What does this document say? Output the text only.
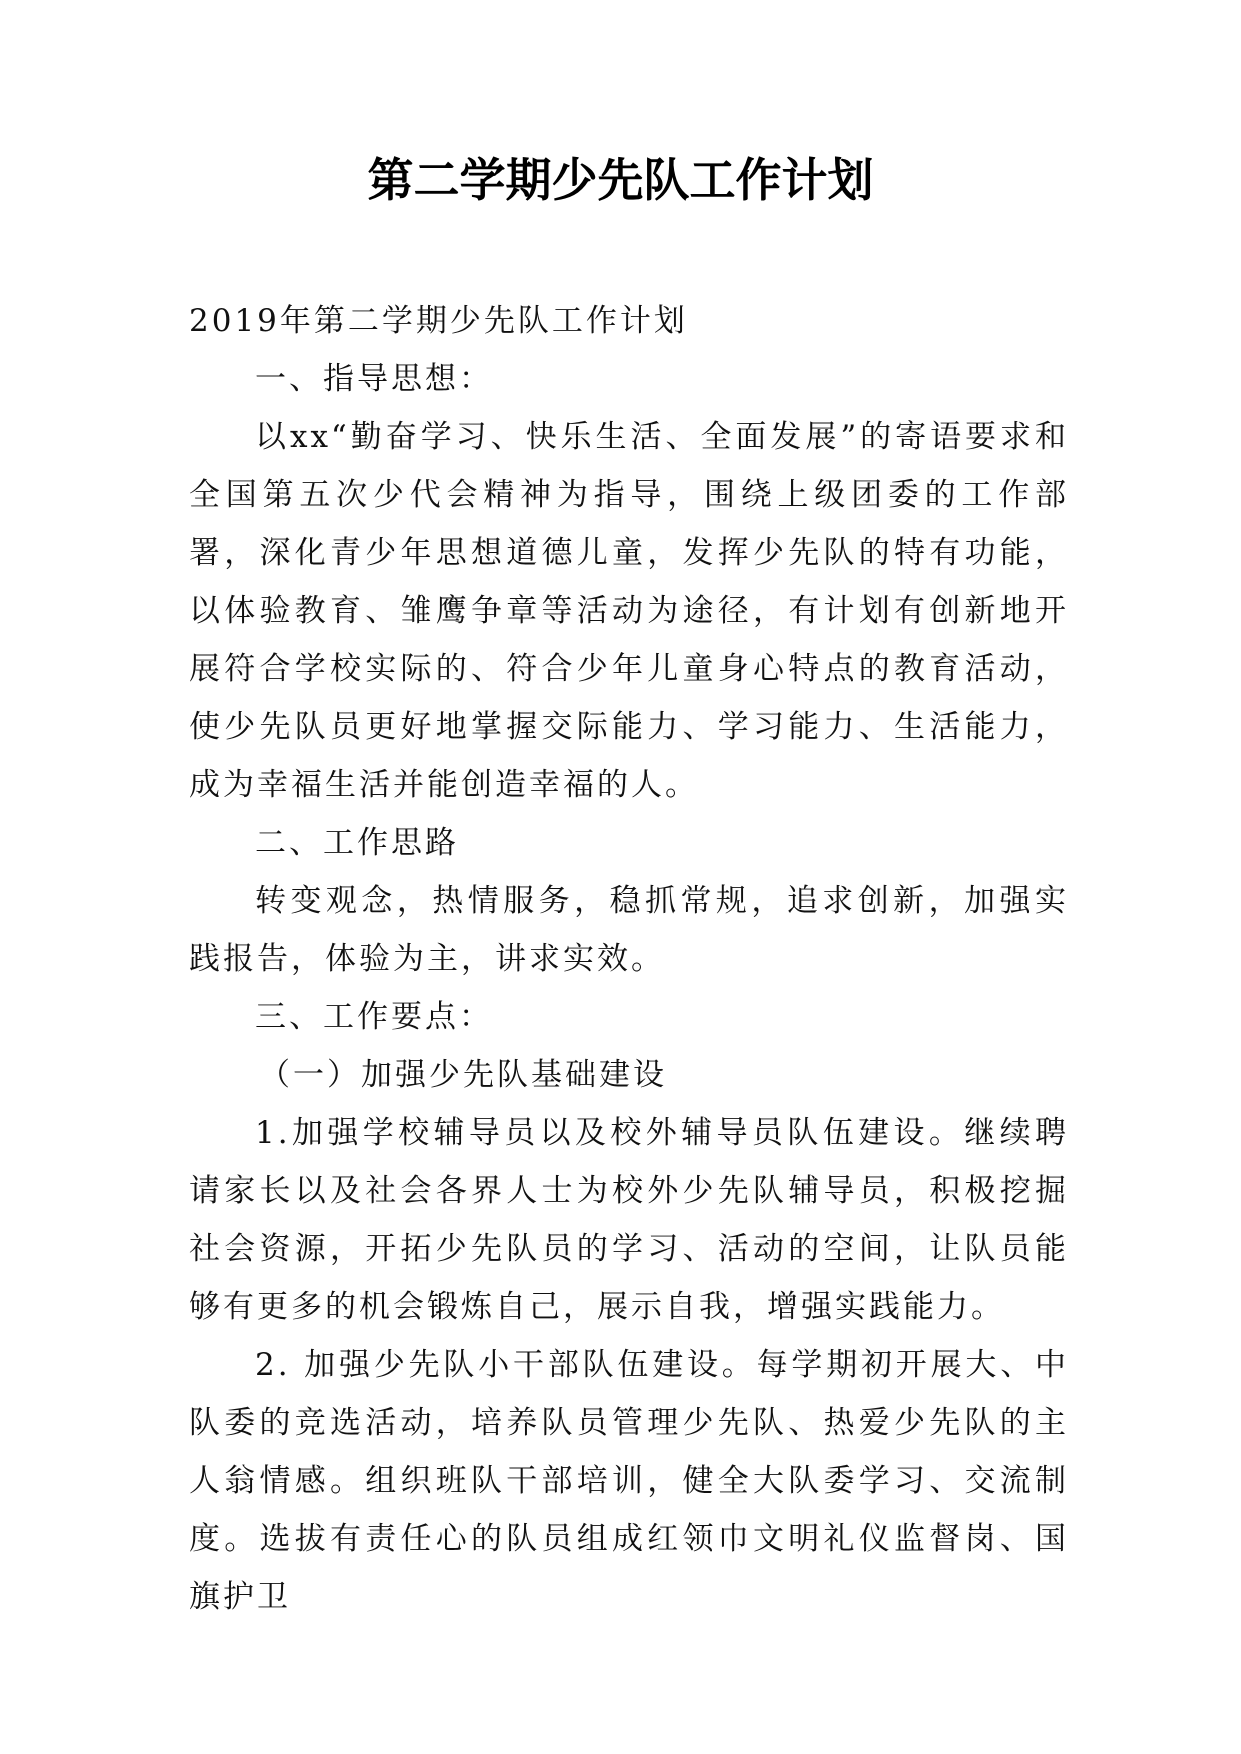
第二学期少先队工作计划

2019年第二学期少先队工作计划

一、指导思想：

以xx“勤奋学习、快乐生活、全面发展”的寄语要求和全国第五次少代会精神为指导，围绕上级团委的工作部署，深化青少年思想道德儿童，发挥少先队的特有功能，以体验教育、雏鹰争章等活动为途径，有计划有创新地开展符合学校实际的、符合少年儿童身心特点的教育活动，使少先队员更好地掌握交际能力、学习能力、生活能力，成为幸福生活并能创造幸福的人。

二、工作思路

转变观念，热情服务，稳抓常规，追求创新，加强实践报告，体验为主，讲求实效。

三、工作要点：

（一）加强少先队基础建设

1.加强学校辅导员以及校外辅导员队伍建设。继续聘请家长以及社会各界人士为校外少先队辅导员，积极挖掘社会资源，开拓少先队员的学习、活动的空间，让队员能够有更多的机会锻炼自己，展示自我，增强实践能力。

2. 加强少先队小干部队伍建设。每学期初开展大、中队委的竞选活动，培养队员管理少先队、热爱少先队的主人翁情感。组织班队干部培训，健全大队委学习、交流制度。选拔有责任心的队员组成红领巾文明礼仪监督岗、国旗护卫
